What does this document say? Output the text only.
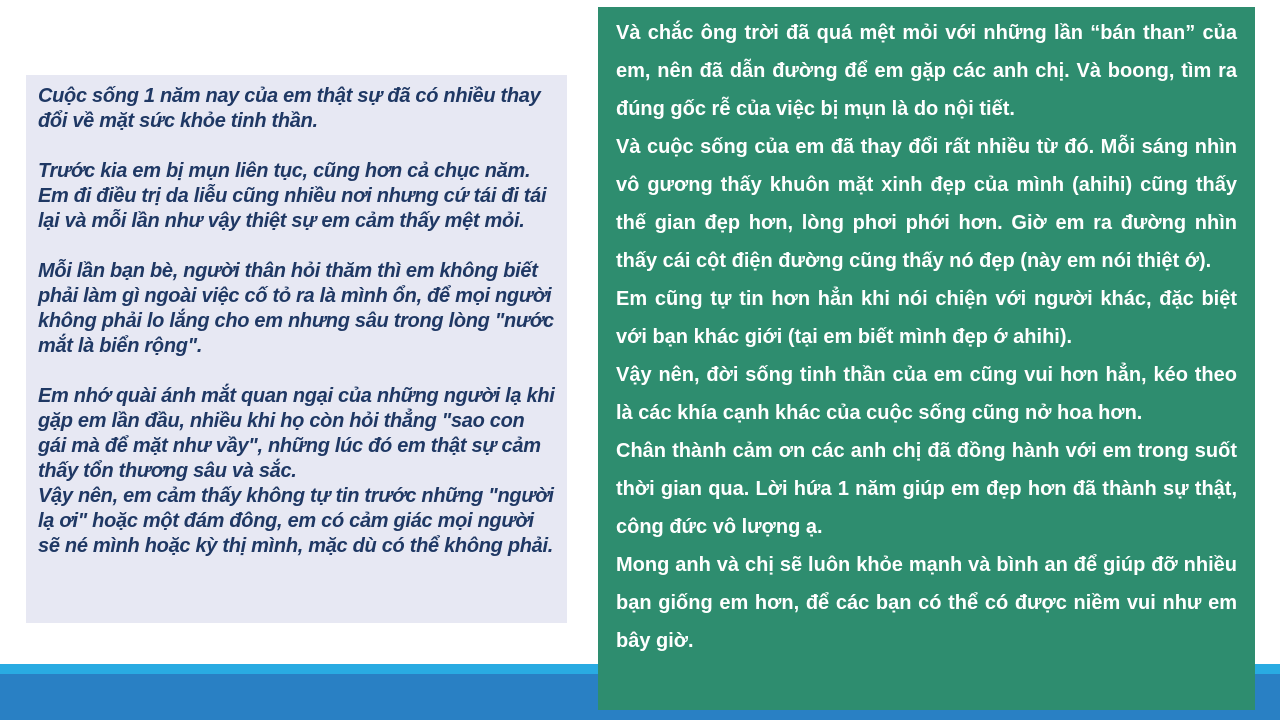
Cuộc sống 1 năm nay của em thật sự đã có nhiều thay đổi về mặt sức khỏe tinh thần.

Trước kia em bị mụn liên tục, cũng hơn cả chục năm. Em đi điều trị da liễu cũng nhiều nơi nhưng cứ tái đi tái lại và mỗi lần như vậy thiệt sự em cảm thấy mệt mỏi.

Mỗi lần bạn bè, người thân hỏi thăm thì em không biết phải làm gì ngoài việc cố tỏ ra là mình ổn, để mọi người không phải lo lắng cho em nhưng sâu trong lòng "nước mắt là biển rộng".

Em nhớ quài ánh mắt quan ngại của những người lạ khi gặp em lần đầu, nhiều khi họ còn hỏi thẳng "sao con gái mà để mặt như vầy", những lúc đó em thật sự cảm thấy tổn thương sâu và sắc.

Vậy nên, em cảm thấy không tự tin trước những "người lạ ơi" hoặc một đám đông, em có cảm giác mọi người sẽ né mình hoặc kỳ thị mình, mặc dù có thể không phải.

Và chắc ông trời đã quá mệt mỏi với những lần “bán than” của em, nên đã dẫn đường để em gặp các anh chị. Và boong, tìm ra đúng gốc rễ của việc bị mụn là do nội tiết.

Và cuộc sống của em đã thay đổi rất nhiều từ đó. Mỗi sáng nhìn vô gương thấy khuôn mặt xinh đẹp của mình (ahihi) cũng thấy thế gian đẹp hơn, lòng phơi phới hơn. Giờ em ra đường nhìn thấy cái cột điện đường cũng thấy nó đẹp (này em nói thiệt ớ).

Em cũng tự tin hơn hẳn khi nói chiện với người khác, đặc biệt với bạn khác giới (tại em biết mình đẹp ớ ahihi).

Vậy nên, đời sống tinh thần của em cũng vui hơn hẳn, kéo theo là các khía cạnh khác của cuộc sống cũng nở hoa hơn.

Chân thành cảm ơn các anh chị đã đồng hành với em trong suốt thời gian qua. Lời hứa 1 năm giúp em đẹp hơn đã thành sự thật, công đức vô lượng ạ.

Mong anh và chị sẽ luôn khỏe mạnh và bình an để giúp đỡ nhiều bạn giống em hơn, để các bạn có thể có được niềm vui như em bây giờ.
